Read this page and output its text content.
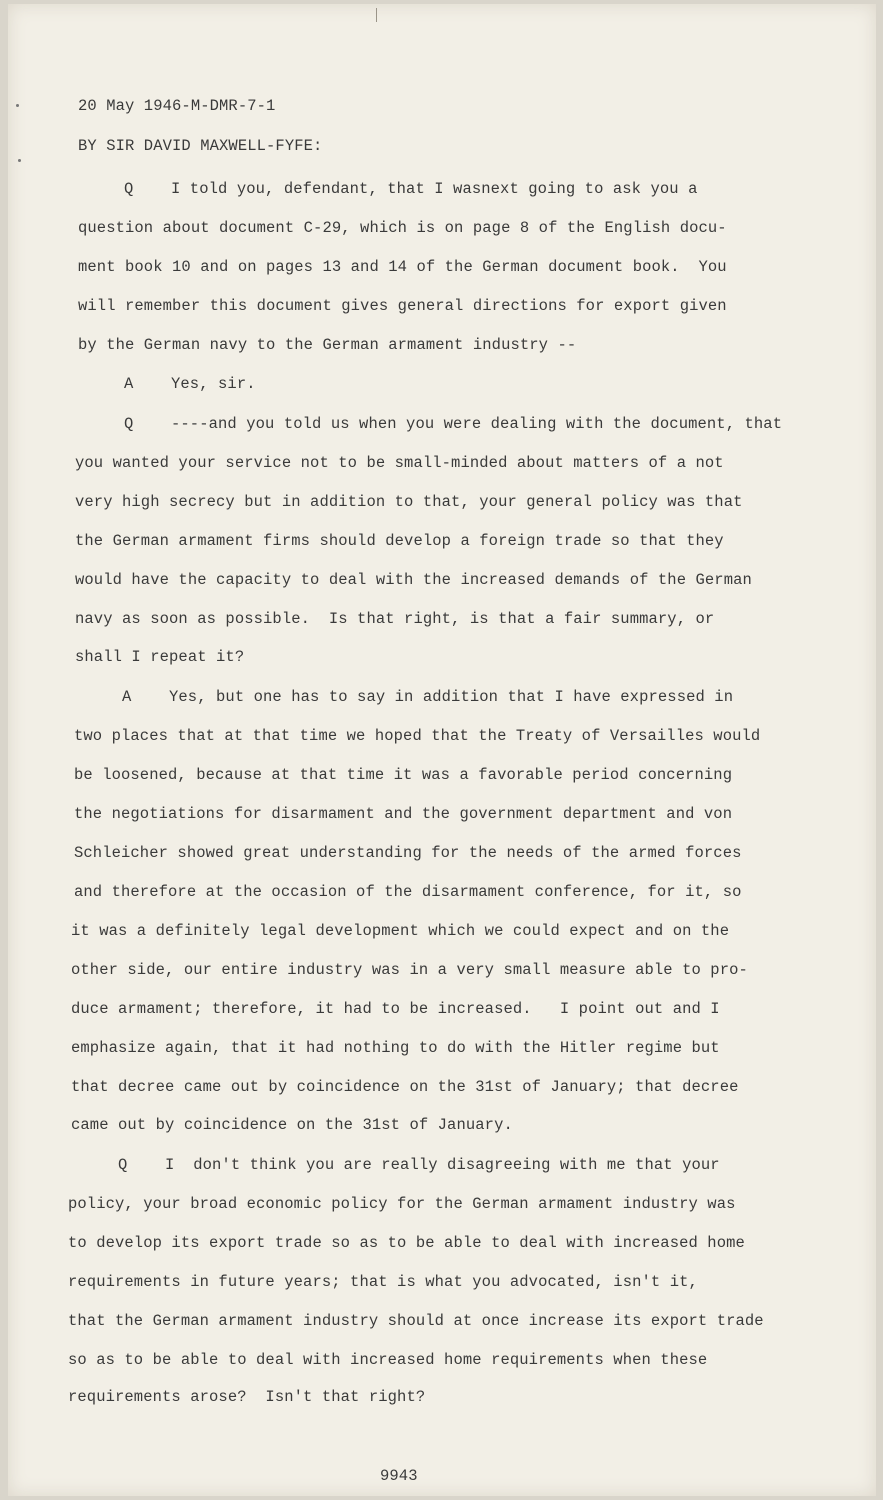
20 May 1946-M-DMR-7-1

BY SIR DAVID MAXWELL-FYFE:

Q    I told you, defendant, that I wasnext going to ask you a

question about document C-29, which is on page 8 of the English docu-

ment book 10 and on pages 13 and 14 of the German document book.  You

will remember this document gives general directions for export given

by the German navy to the German armament industry --

A    Yes, sir.

Q    ----and you told us when you were dealing with the document, that

you wanted your service not to be small-minded about matters of a not

very high secrecy but in addition to that, your general policy was that

the German armament firms should develop a foreign trade so that they

would have the capacity to deal with the increased demands of the German

navy as soon as possible.  Is that right, is that a fair summary, or

shall I repeat it?

A    Yes, but one has to say in addition that I have expressed in

two places that at that time we hoped that the Treaty of Versailles would

be loosened, because at that time it was a favorable period concerning

the negotiations for disarmament and the government department and von

Schleicher showed great understanding for the needs of the armed forces

and therefore at the occasion of the disarmament conference, for it, so

it was a definitely legal development which we could expect and on the

other side, our entire industry was in a very small measure able to pro-

duce armament; therefore, it had to be increased.   I point out and I

emphasize again, that it had nothing to do with the Hitler regime but

that decree came out by coincidence on the 31st of January; that decree

came out by coincidence on the 31st of January.

Q    I  don't think you are really disagreeing with me that your

policy, your broad economic policy for the German armament industry was

to develop its export trade so as to be able to deal with increased home

requirements in future years; that is what you advocated, isn't it,

that the German armament industry should at once increase its export trade

so as to be able to deal with increased home requirements when these

requirements arose?  Isn't that right?

9943
